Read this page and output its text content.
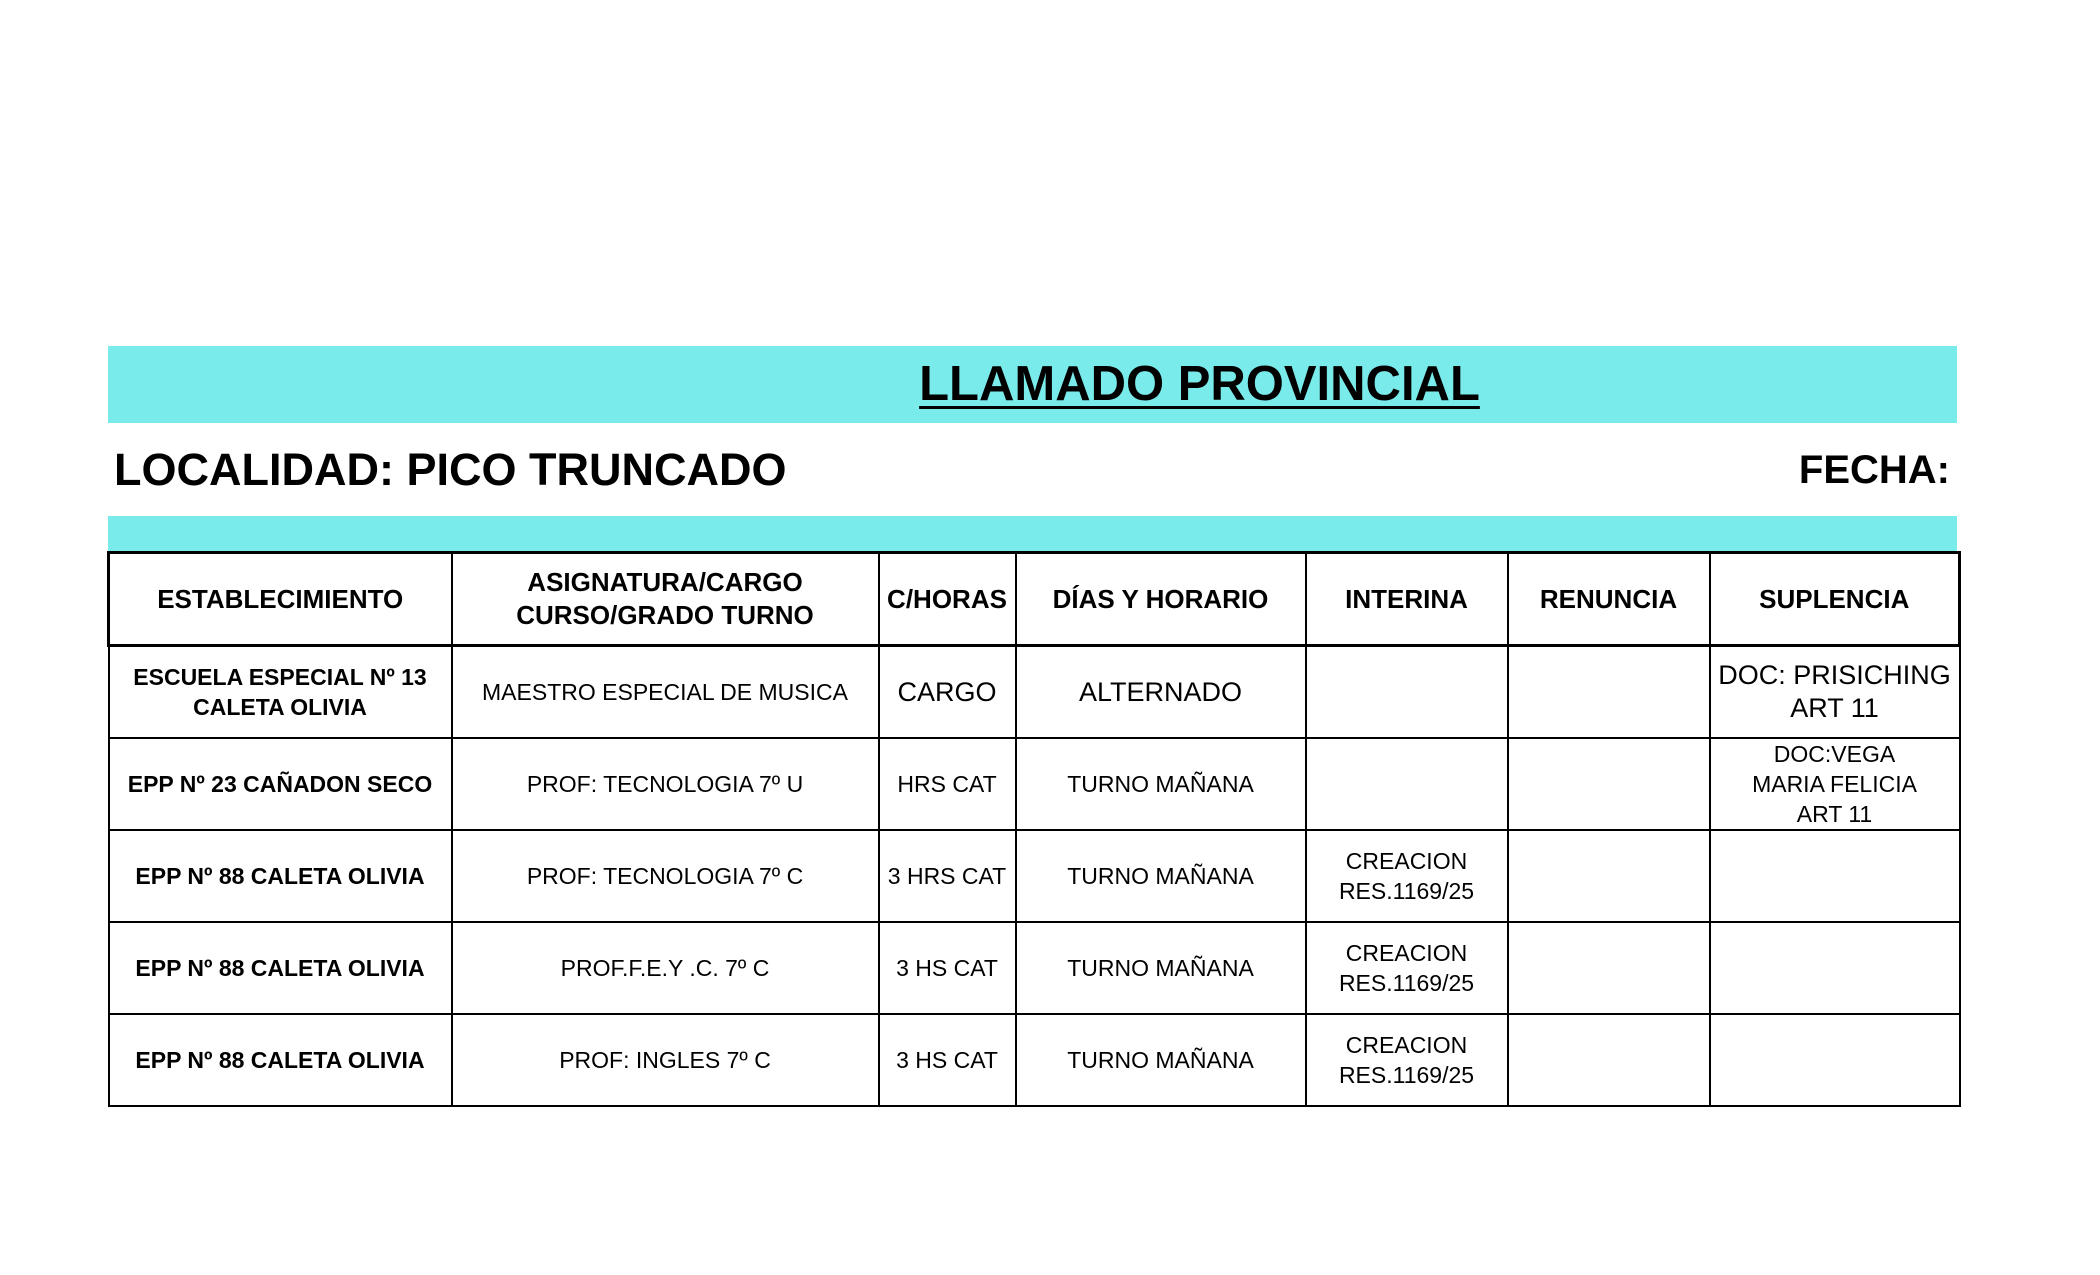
LLAMADO PROVINCIAL
LOCALIDAD: PICO TRUNCADO	FECHA:
ESTABLECIMIENTO	ASIGNATURA/CARGO CURSO/GRADO TURNO	C/HORAS	DÍAS Y HORARIO	INTERINA	RENUNCIA	SUPLENCIA
ESCUELA ESPECIAL Nº 13 CALETA OLIVIA	MAESTRO ESPECIAL DE MUSICA	CARGO	ALTERNADO			DOC: PRISICHING ART 11
EPP Nº 23 CAÑADON SECO	PROF: TECNOLOGIA 7º U	HRS CAT	TURNO MAÑANA			DOC:VEGA MARIA FELICIA ART 11
EPP Nº 88 CALETA OLIVIA	PROF: TECNOLOGIA 7º C	3 HRS CAT	TURNO MAÑANA	CREACION RES.1169/25		
EPP Nº 88 CALETA OLIVIA	PROF.F.E.Y .C. 7º C	3 HS CAT	TURNO MAÑANA	CREACION RES.1169/25		
EPP Nº 88 CALETA OLIVIA	PROF: INGLES 7º C	3 HS CAT	TURNO MAÑANA	CREACION RES.1169/25		
